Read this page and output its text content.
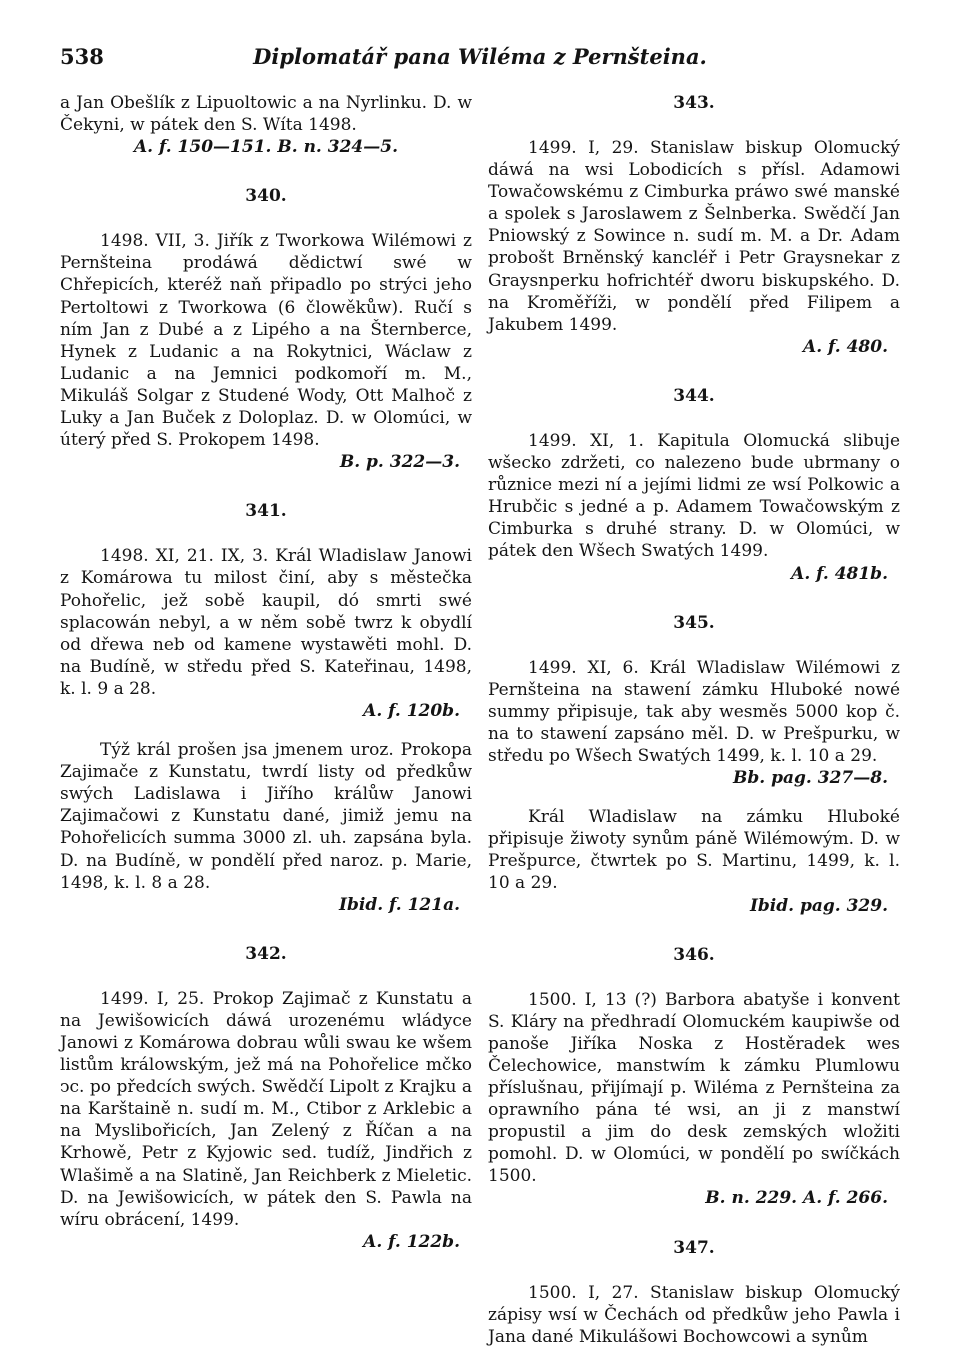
538	Diplomatář pana Wiléma z Pernšteina.

a Jan Obešlík z Lipuoltowic a na Nyrlinku. D. w Čekyni, w pátek den S. Wíta 1498.

A. f. 150—151. B. n. 324—5.
340.

1498. VII, 3. Jiřík z Tworkowa Wilémowi z Pernšteina prodáwá dědictwí swé w Chřepicích, kteréž naň připadlo po strýci jeho Pertoltowi z Tworkowa (6 člowěkůw). Ručí s ním Jan z Dubé a z Lipého a na Šternberce, Hynek z Ludanic a na Rokytnici, Wáclaw z Ludanic a na Jemnici podkomoří m. M., Mikuláš Solgar z Studené Wody, Ott Malhoč z Luky a Jan Buček z Doloplaz. D. w Olomúci, w úterý před S. Prokopem 1498.

B. p. 322—3.
341.

1498. XI, 21. IX, 3. Král Wladislaw Janowi z Komárowa tu milost činí, aby s městečka Pohořelic, jež sobě kaupil, dó smrti swé splacowán nebyl, a w něm sobě twrz k obydlí od dřewa neb od kamene wystawěti mohl. D. na Budíně, w středu před S. Kateřinau, 1498, k. l. 9 a 28.

A. f. 120b.

Týž král prošen jsa jmenem uroz. Prokopa Zajimače z Kunstatu, twrdí listy od předkůw swých Ladislawa i Jiřího králůw Janowi Zajimačowi z Kunstatu dané, jimiž jemu na Pohořelicích summa 3000 zl. uh. zapsána byla. D. na Budíně, w pondělí před naroz. p. Marie, 1498, k. l. 8 a 28.

Ibid. f. 121a.
342.

1499. I, 25. Prokop Zajimač z Kunstatu a na Jewišowicích dáwá urozenému wládyce Janowi z Komárowa dobrau wůli swau ke wšem listům králowským, jež má na Pohořelice mčko ↄc. po předcích swých. Swědčí Lipolt z Krajku a na Karštaině n. sudí m. M., Ctibor z Arklebic a na Myslibořicích, Jan Zelený z Říčan a na Krhowě, Petr z Kyjowic sed. tudíž, Jindřich z Wlašimě a na Slatině, Jan Reichberk z Mieletic. D. na Jewišowicích, w pátek den S. Pawla na wíru obrácení, 1499.

A. f. 122b.
343.

1499. I, 29. Stanislaw biskup Olomucký dáwá na wsi Lobodicích s přísl. Adamowi Towačowskému z Cimburka práwo swé manské a spolek s Jaroslawem z Šelnberka. Swědčí Jan Pniowský z Sowince n. sudí m. M. a Dr. Adam probošt Brněnský kancléř i Petr Graysnekar z Graysnperku hofrichtéř dworu biskupského. D. na Kroměříži, w pondělí před Filipem a Jakubem 1499.

A. f. 480.
344.

1499. XI, 1. Kapitula Olomucká slibuje wšecko zdržeti, co nalezeno bude ubrmany o různice mezi ní a jejími lidmi ze wsí Polkowic a Hrubčic s jedné a p. Adamem Towačowským z Cimburka s druhé strany. D. w Olomúci, w pátek den Wšech Swatých 1499.

A. f. 481b.
345.

1499. XI, 6. Král Wladislaw Wilémowi z Pernšteina na stawení zámku Hluboké nowé summy připisuje, tak aby wesměs 5000 kop č. na to stawení zapsáno měl. D. w Prešpurku, w středu po Wšech Swatých 1499, k. l. 10 a 29.

Bb. pag. 327—8.

Král Wladislaw na zámku Hluboké připisuje žiwoty synům páně Wilémowým. D. w Prešpurce, čtwrtek po S. Martinu, 1499, k. l. 10 a 29.

Ibid. pag. 329.
346.

1500. I, 13 (?) Barbora abatyše i konvent S. Kláry na předhradí Olomuckém kaupiwše od panoše Jiříka Noska z Hostěradek wes Čelechowice, manstwím k zámku Plumlowu příslušnau, přijímají p. Wiléma z Pernšteina za oprawního pána té wsi, an ji z manstwí propustil a jim do desk zemských wložiti pomohl. D. w Olomúci, w pondělí po swíčkách 1500.

B. n. 229. A. f. 266.
347.

1500. I, 27. Stanislaw biskup Olomucký zápisy wsí w Čechách od předkůw jeho Pawla i Jana dané Mikulášowi Bochowcowi a synům
